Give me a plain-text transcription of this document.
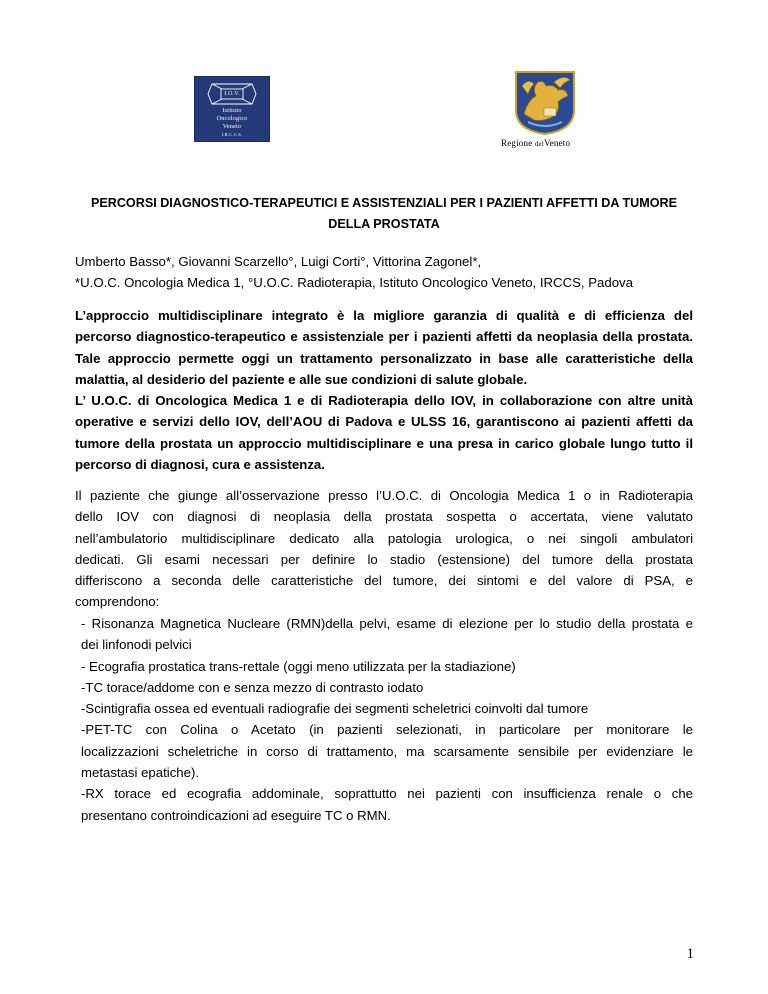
I.O.V.
Istituto
Oncologico
Veneto
I.R.C.C.S.
Regione delVeneto
PERCORSI DIAGNOSTICO-TERAPEUTICI E ASSISTENZIALI PER I PAZIENTI AFFETTI DA TUMORE
DELLA PROSTATA
Umberto Basso*, Giovanni Scarzello°, Luigi Corti°, Vittorina Zagonel*,
*U.O.C. Oncologia Medica 1, °U.O.C. Radioterapia, Istituto Oncologico Veneto, IRCCS, Padova
L’approccio multidisciplinare integrato è la migliore garanzia di qualità e di efficienza del
percorso diagnostico-terapeutico e assistenziale per i pazienti affetti da neoplasia della prostata.
Tale approccio permette oggi un trattamento personalizzato in base alle caratteristiche della
malattia, al desiderio del paziente e alle sue condizioni di salute globale.
L’ U.O.C. di Oncologica Medica 1 e di Radioterapia dello IOV, in collaborazione con altre unità
operative e servizi dello IOV, dell’AOU di Padova e ULSS 16, garantiscono ai pazienti affetti da
tumore della prostata un approccio multidisciplinare e una presa in carico globale lungo tutto il
percorso di diagnosi, cura e assistenza.
Il paziente che giunge all’osservazione presso l’U.O.C. di Oncologia Medica 1 o in Radioterapia
dello IOV con diagnosi di neoplasia della prostata sospetta o accertata, viene valutato
nell’ambulatorio multidisciplinare dedicato alla patologia urologica, o nei singoli ambulatori
dedicati. Gli esami necessari per definire lo stadio (estensione) del tumore della prostata
differiscono a seconda delle caratteristiche del tumore, dei sintomi e del valore di PSA, e
comprendono:
- Risonanza Magnetica Nucleare (RMN)della pelvi, esame di elezione per lo studio della prostata e
dei linfonodi pelvici
- Ecografia prostatica trans-rettale (oggi meno utilizzata per la stadiazione)
-TC torace/addome con e senza mezzo di contrasto iodato
-Scintigrafia ossea ed eventuali radiografie dei segmenti scheletrici coinvolti dal tumore
-PET-TC con Colina o Acetato (in pazienti selezionati, in particolare per monitorare le
localizzazioni scheletriche in corso di trattamento, ma scarsamente sensibile per evidenziare le
metastasi epatiche).
-RX torace ed ecografia addominale, soprattutto nei pazienti con insufficienza renale o che
presentano controindicazioni ad eseguire TC o RMN.
1
